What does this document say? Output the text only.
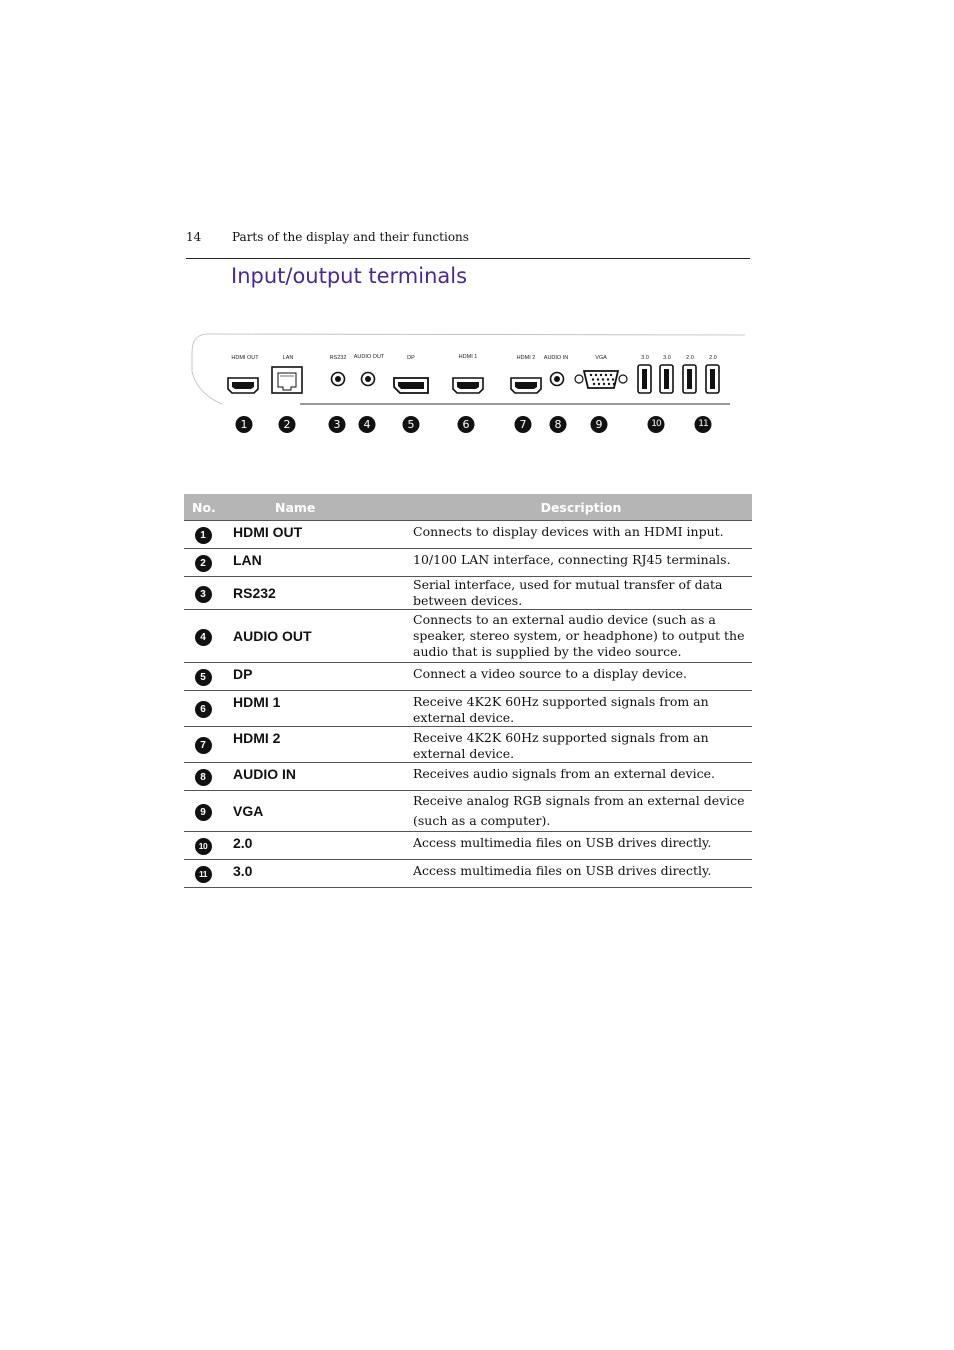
14	Parts of the display and their functions
Input/output terminals
HDMI OUT	LAN	RS232 AUDIO OUT	DP	HDMI 1	HDMI 2 AUDIO IN	VGA	3.0	3.0	2.0	2.0
1	2	3	4	5	6	7	8	9	10	11
No.	Name	Description
1	HDMI OUT	Connects to display devices with an HDMI input.
2	LAN	10/100 LAN interface, connecting RJ45 terminals.
3	RS232	Serial interface, used for mutual transfer of data between devices.
4	AUDIO OUT	Connects to an external audio device (such as a speaker, stereo system, or headphone) to output the audio that is supplied by the video source.
5	DP	Connect a video source to a display device.
6	HDMI 1	Receive 4K2K 60Hz supported signals from an external device.
7	HDMI 2	Receive 4K2K 60Hz supported signals from an external device.
8	AUDIO IN	Receives audio signals from an external device.
9	VGA	Receive analog RGB signals from an external device (such as a computer).
10	2.0	Access multimedia files on USB drives directly.
11	3.0	Access multimedia files on USB drives directly.
